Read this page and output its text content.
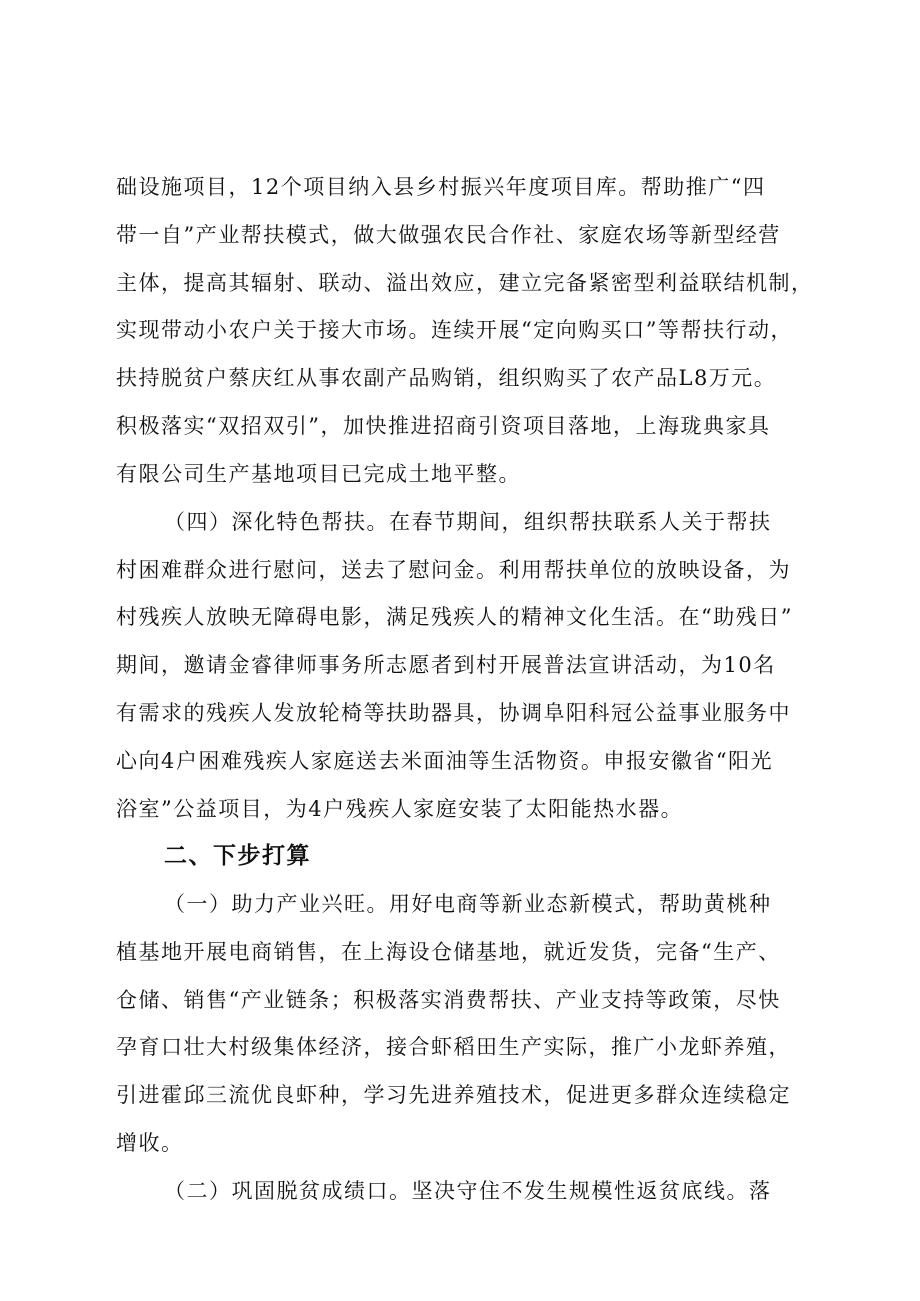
础设施项目，12个项目纳入县乡村振兴年度项目库。帮助推广“四
带一自”产业帮扶模式，做大做强农民合作社、家庭农场等新型经营
主体，提高其辐射、联动、溢出效应，建立完备紧密型利益联结机制，
实现带动小农户关于接大市场。连续开展“定向购买口”等帮扶行动，
扶持脱贫户蔡庆红从事农副产品购销，组织购买了农产品L8万元。
积极落实“双招双引”，加快推进招商引资项目落地，上海珑典家具
有限公司生产基地项目已完成土地平整。
（四）深化特色帮扶。在春节期间，组织帮扶联系人关于帮扶
村困难群众进行慰问，送去了慰问金。利用帮扶单位的放映设备，为
村残疾人放映无障碍电影，满足残疾人的精神文化生活。在“助残日”
期间，邀请金睿律师事务所志愿者到村开展普法宣讲活动，为10名
有需求的残疾人发放轮椅等扶助器具，协调阜阳科冠公益事业服务中
心向4户困难残疾人家庭送去米面油等生活物资。申报安徽省“阳光
浴室”公益项目，为4户残疾人家庭安装了太阳能热水器。
二、下步打算
（一）助力产业兴旺。用好电商等新业态新模式，帮助黄桃种
植基地开展电商销售，在上海设仓储基地，就近发货，完备“生产、
仓储、销售“产业链条；积极落实消费帮扶、产业支持等政策，尽快
孕育口壮大村级集体经济，接合虾稻田生产实际，推广小龙虾养殖，
引进霍邱三流优良虾种，学习先进养殖技术，促进更多群众连续稳定
增收。
（二）巩固脱贫成绩口。坚决守住不发生规模性返贫底线。落
